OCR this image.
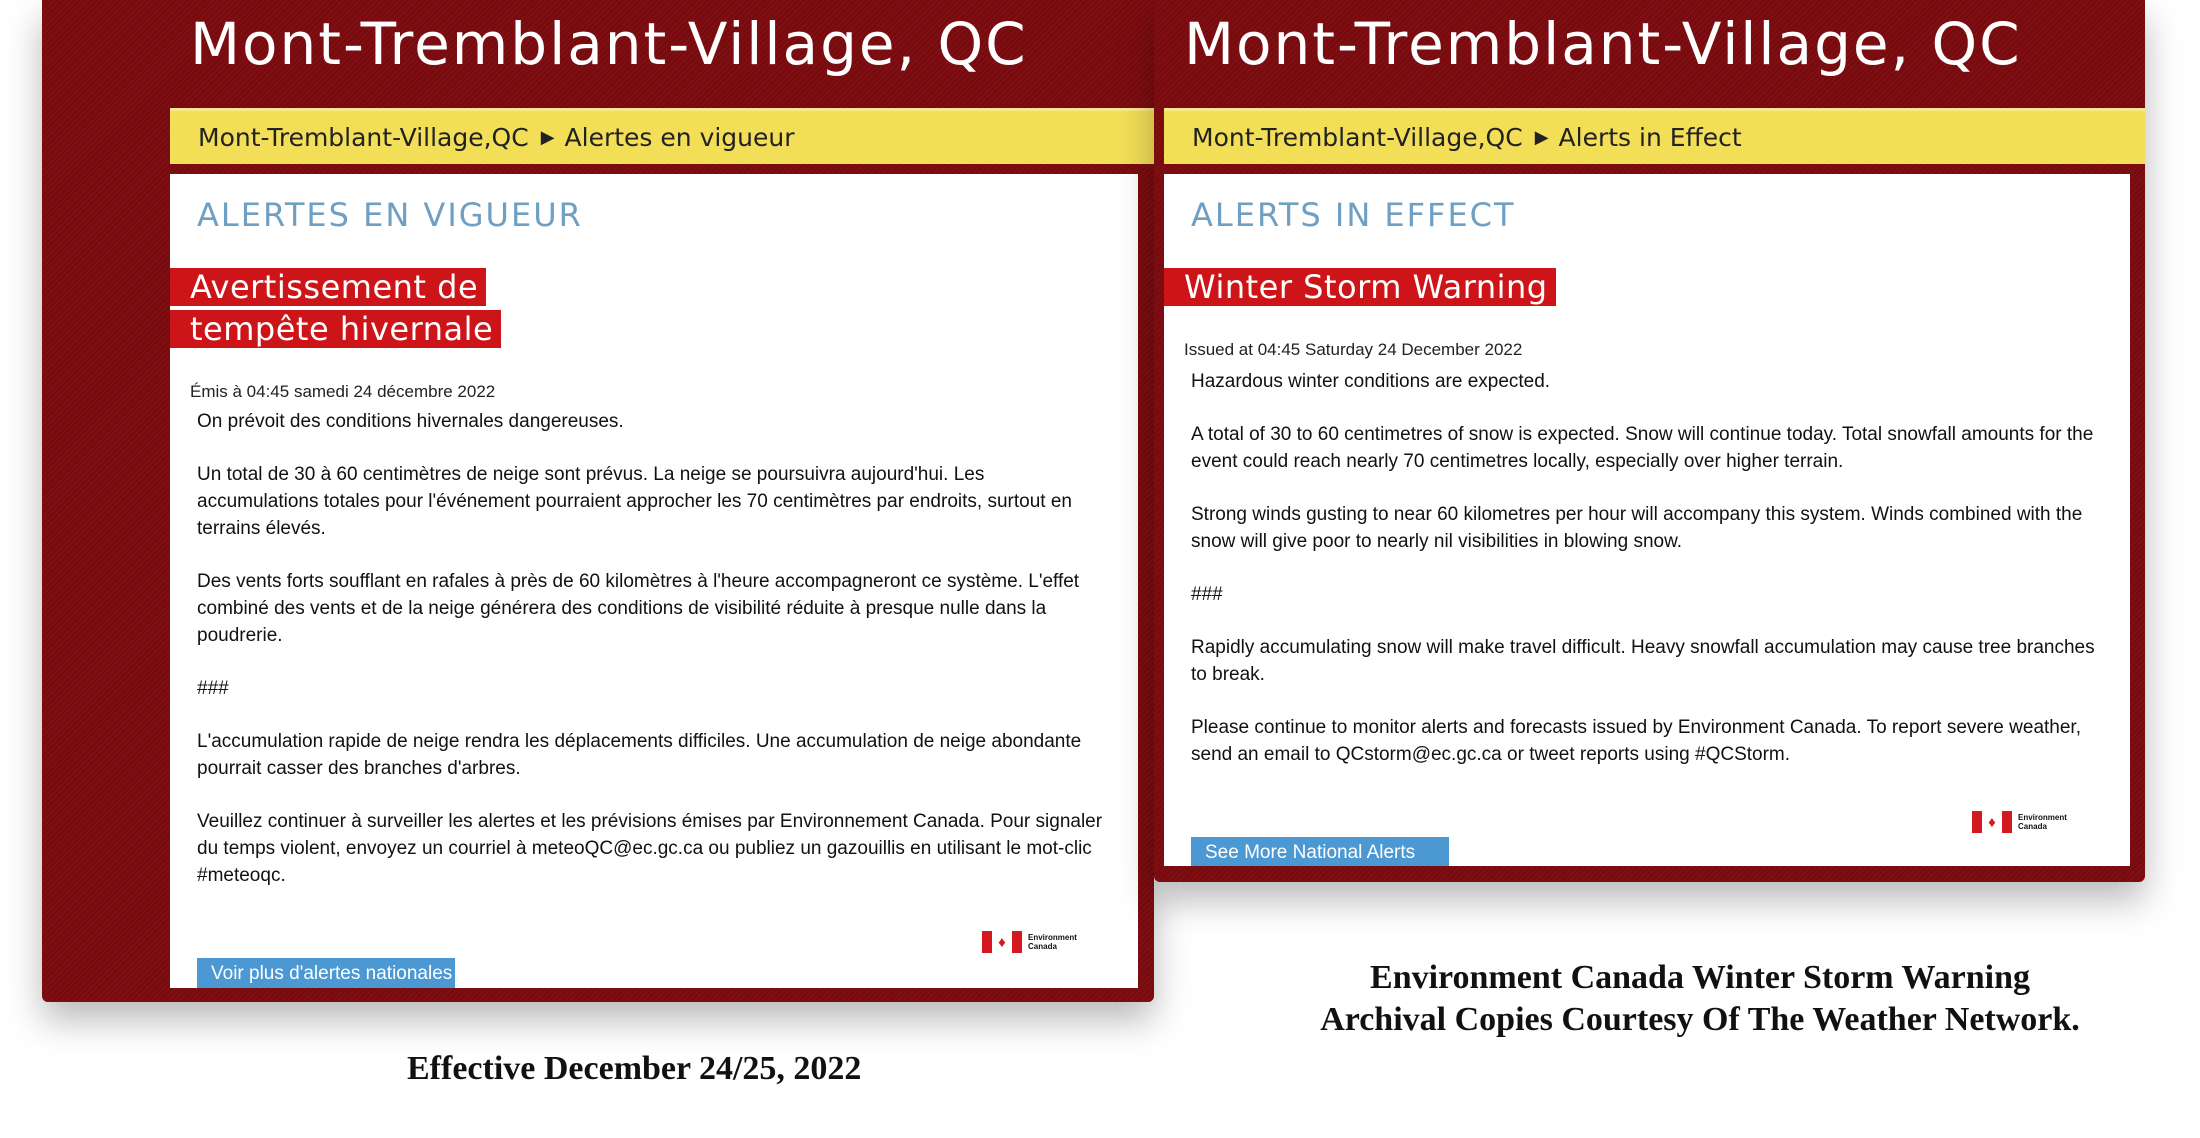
Mont-Tremblant-Village, QC
Mont-Tremblant-Village,QC ▶ Alertes en vigueur
ALERTES EN VIGUEUR
Avertissement de tempête hivernale
Émis à 04:45 samedi 24 décembre 2022

On prévoit des conditions hivernales dangereuses.

Un total de 30 à 60 centimètres de neige sont prévus. La neige se poursuivra aujourd'hui. Les accumulations totales pour l'événement pourraient approcher les 70 centimètres par endroits, surtout en terrains élevés.

Des vents forts soufflant en rafales à près de 60 kilomètres à l'heure accompagneront ce système. L'effet combiné des vents et de la neige générera des conditions de visibilité réduite à presque nulle dans la poudrerie.

###

L'accumulation rapide de neige rendra les déplacements difficiles. Une accumulation de neige abondante pourrait casser des branches d'arbres.

Veuillez continuer à surveiller les alertes et les prévisions émises par Environnement Canada. Pour signaler du temps violent, envoyez un courriel à meteoQC@ec.gc.ca ou publiez un gazouillis en utilisant le mot-clic #meteoqc.

♦	Environment
Canada
Voir plus d'alertes nationales
Mont-Tremblant-Village, QC
Mont-Tremblant-Village,QC ▶ Alerts in Effect
ALERTS IN EFFECT
Winter Storm Warning
Issued at 04:45 Saturday 24 December 2022

Hazardous winter conditions are expected.

A total of 30 to 60 centimetres of snow is expected. Snow will continue today. Total snowfall amounts for the event could reach nearly 70 centimetres locally, especially over higher terrain.

Strong winds gusting to near 60 kilometres per hour will accompany this system. Winds combined with the snow will give poor to nearly nil visibilities in blowing snow.

###

Rapidly accumulating snow will make travel difficult. Heavy snowfall accumulation may cause tree branches to break.

Please continue to monitor alerts and forecasts issued by Environment Canada. To report severe weather, send an email to QCstorm@ec.gc.ca or tweet reports using #QCStorm.

♦	Environment
Canada
See More National Alerts
Effective December 24/25, 2022
Environment Canada Winter Storm Warning
Archival Copies Courtesy Of The Weather Network.
